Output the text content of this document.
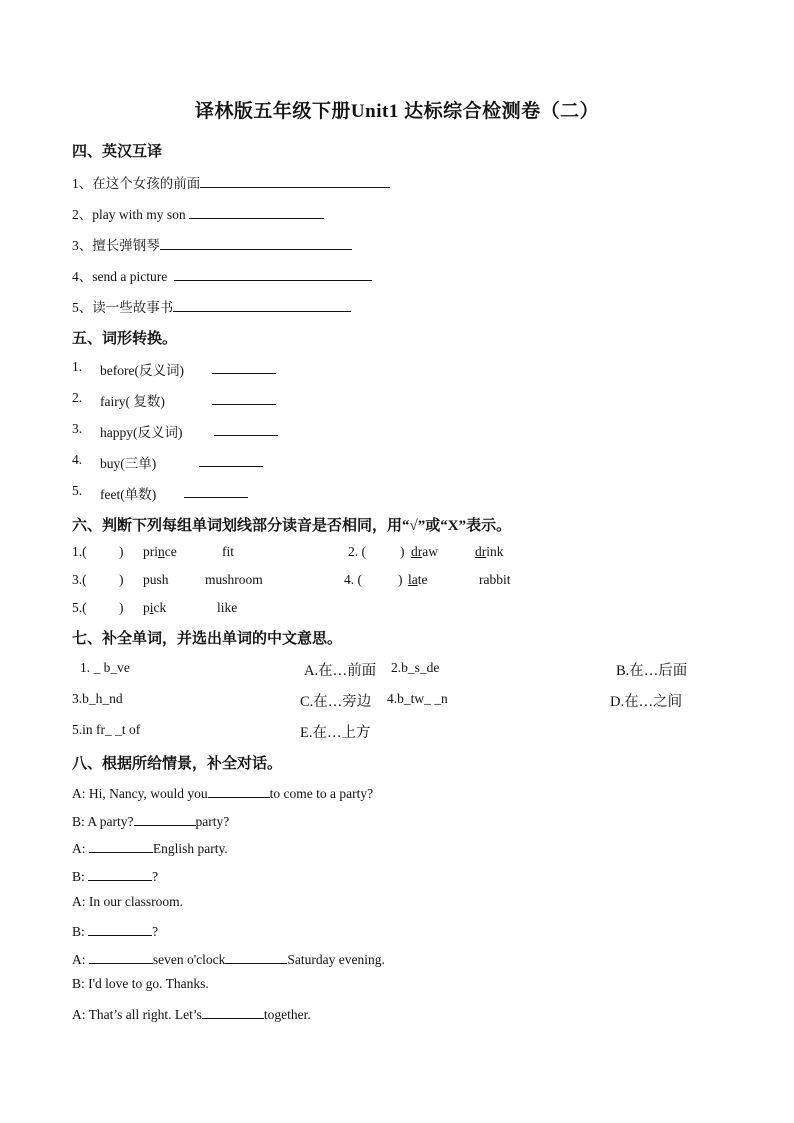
译林版五年级下册Unit1 达标综合检测卷（二）
四、英汉互译
1、在这个女孩的前面
2、play with my son
3、擅长弹钢琴
4、send a picture
5、读一些故事书
五、词形转换。
1. before(反义词)
2. fairy( 复数)
3. happy(反义词)
4. buy(三单)
5. feet(单数)
六、判断下列每组单词划线部分读音是否相同，用“√”或“X”表示。
1.( ) prince	fit	2. (	) draw	drink
3.( ) push	mushroom	4. (	) late	rabbit
5.( ) pick	like
七、补全单词，并选出单词的中文意思。
1. _ b_ve	A.在…前面 2.b_s_de	B.在…后面
3.b_h_nd	C.在…旁边 4.b_tw_ _n	D.在…之间
5.in fr_ _t of	E.在…上方
八、根据所给情景，补全对话。
A: Hi, Nancy, would you	to come to a party?
B: A party?	party?
A:	English party.
B:	?
A: In our classroom.
B:	?
A:	seven o'clock	Saturday evening.
B: I'd love to go. Thanks.
A: That’s all right. Let’s	together.
